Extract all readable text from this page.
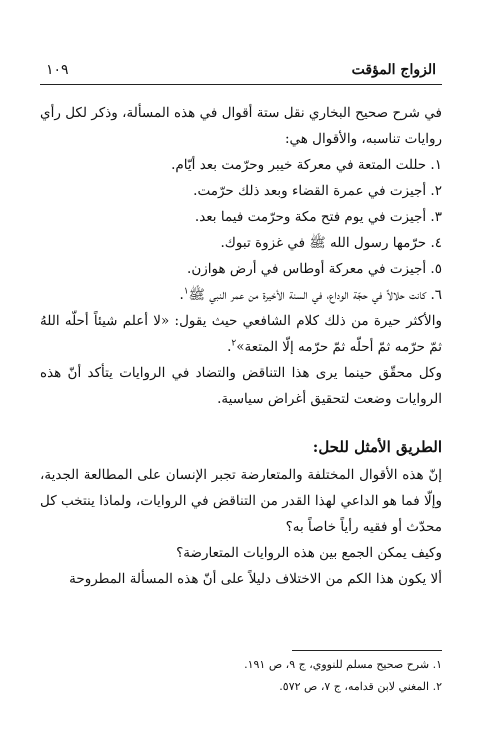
الزواج المؤقت
١٠٩

في شرح صحيح البخاري نقل ستة أقوال في هذه المسألة، وذكر لكل رأي روايات تناسبه، والأقوال هي:

١. حللت المتعة في معركة خيبر وحرّمت بعد أيّام.
٢. أجيزت في عمرة القضاء وبعد ذلك حرّمت.
٣. أجيزت في يوم فتح مكة وحرّمت فيما بعد.
٤. حرّمها رسول الله ﷺ في غزوة تبوك.
٥. أجيزت في معركة أوطاس في أرض هوازن.
٦. كانت حلالاً في حجّة الوداع، في السنة الأخيرة من عمر النبي ﷺ$^١$.

والأكثر حيرة من ذلك كلام الشافعي حيث يقول: «لا أعلم شيئاً أحلّه اللهُ ثمّ حرّمه ثمّ أحلّه ثمّ حرّمه إلّا المتعة»$^٢$.

وكل محقّق حينما يرى هذا التناقض والتضاد في الروايات يتأكد أنّ هذه الروايات وضعت لتحقيق أغراض سياسية.

الطريق الأمثل للحل:

إنّ هذه الأقوال المختلفة والمتعارضة تجبر الإنسان على المطالعة الجدية، وإلّا فما هو الداعي لهذا القدر من التناقض في الروايات، ولماذا ينتخب كل محدّث أو فقيه رأياً خاصاً به؟

وكيف يمكن الجمع بين هذه الروايات المتعارضة؟

ألا يكون هذا الكم من الاختلاف دليلاً على أنّ هذه المسألة المطروحة

١. شرح صحيح مسلم للنووي، ج ٩، ص ١٩١.

٢. المغني لابن قدامه، ج ٧، ص ٥٧٢.
